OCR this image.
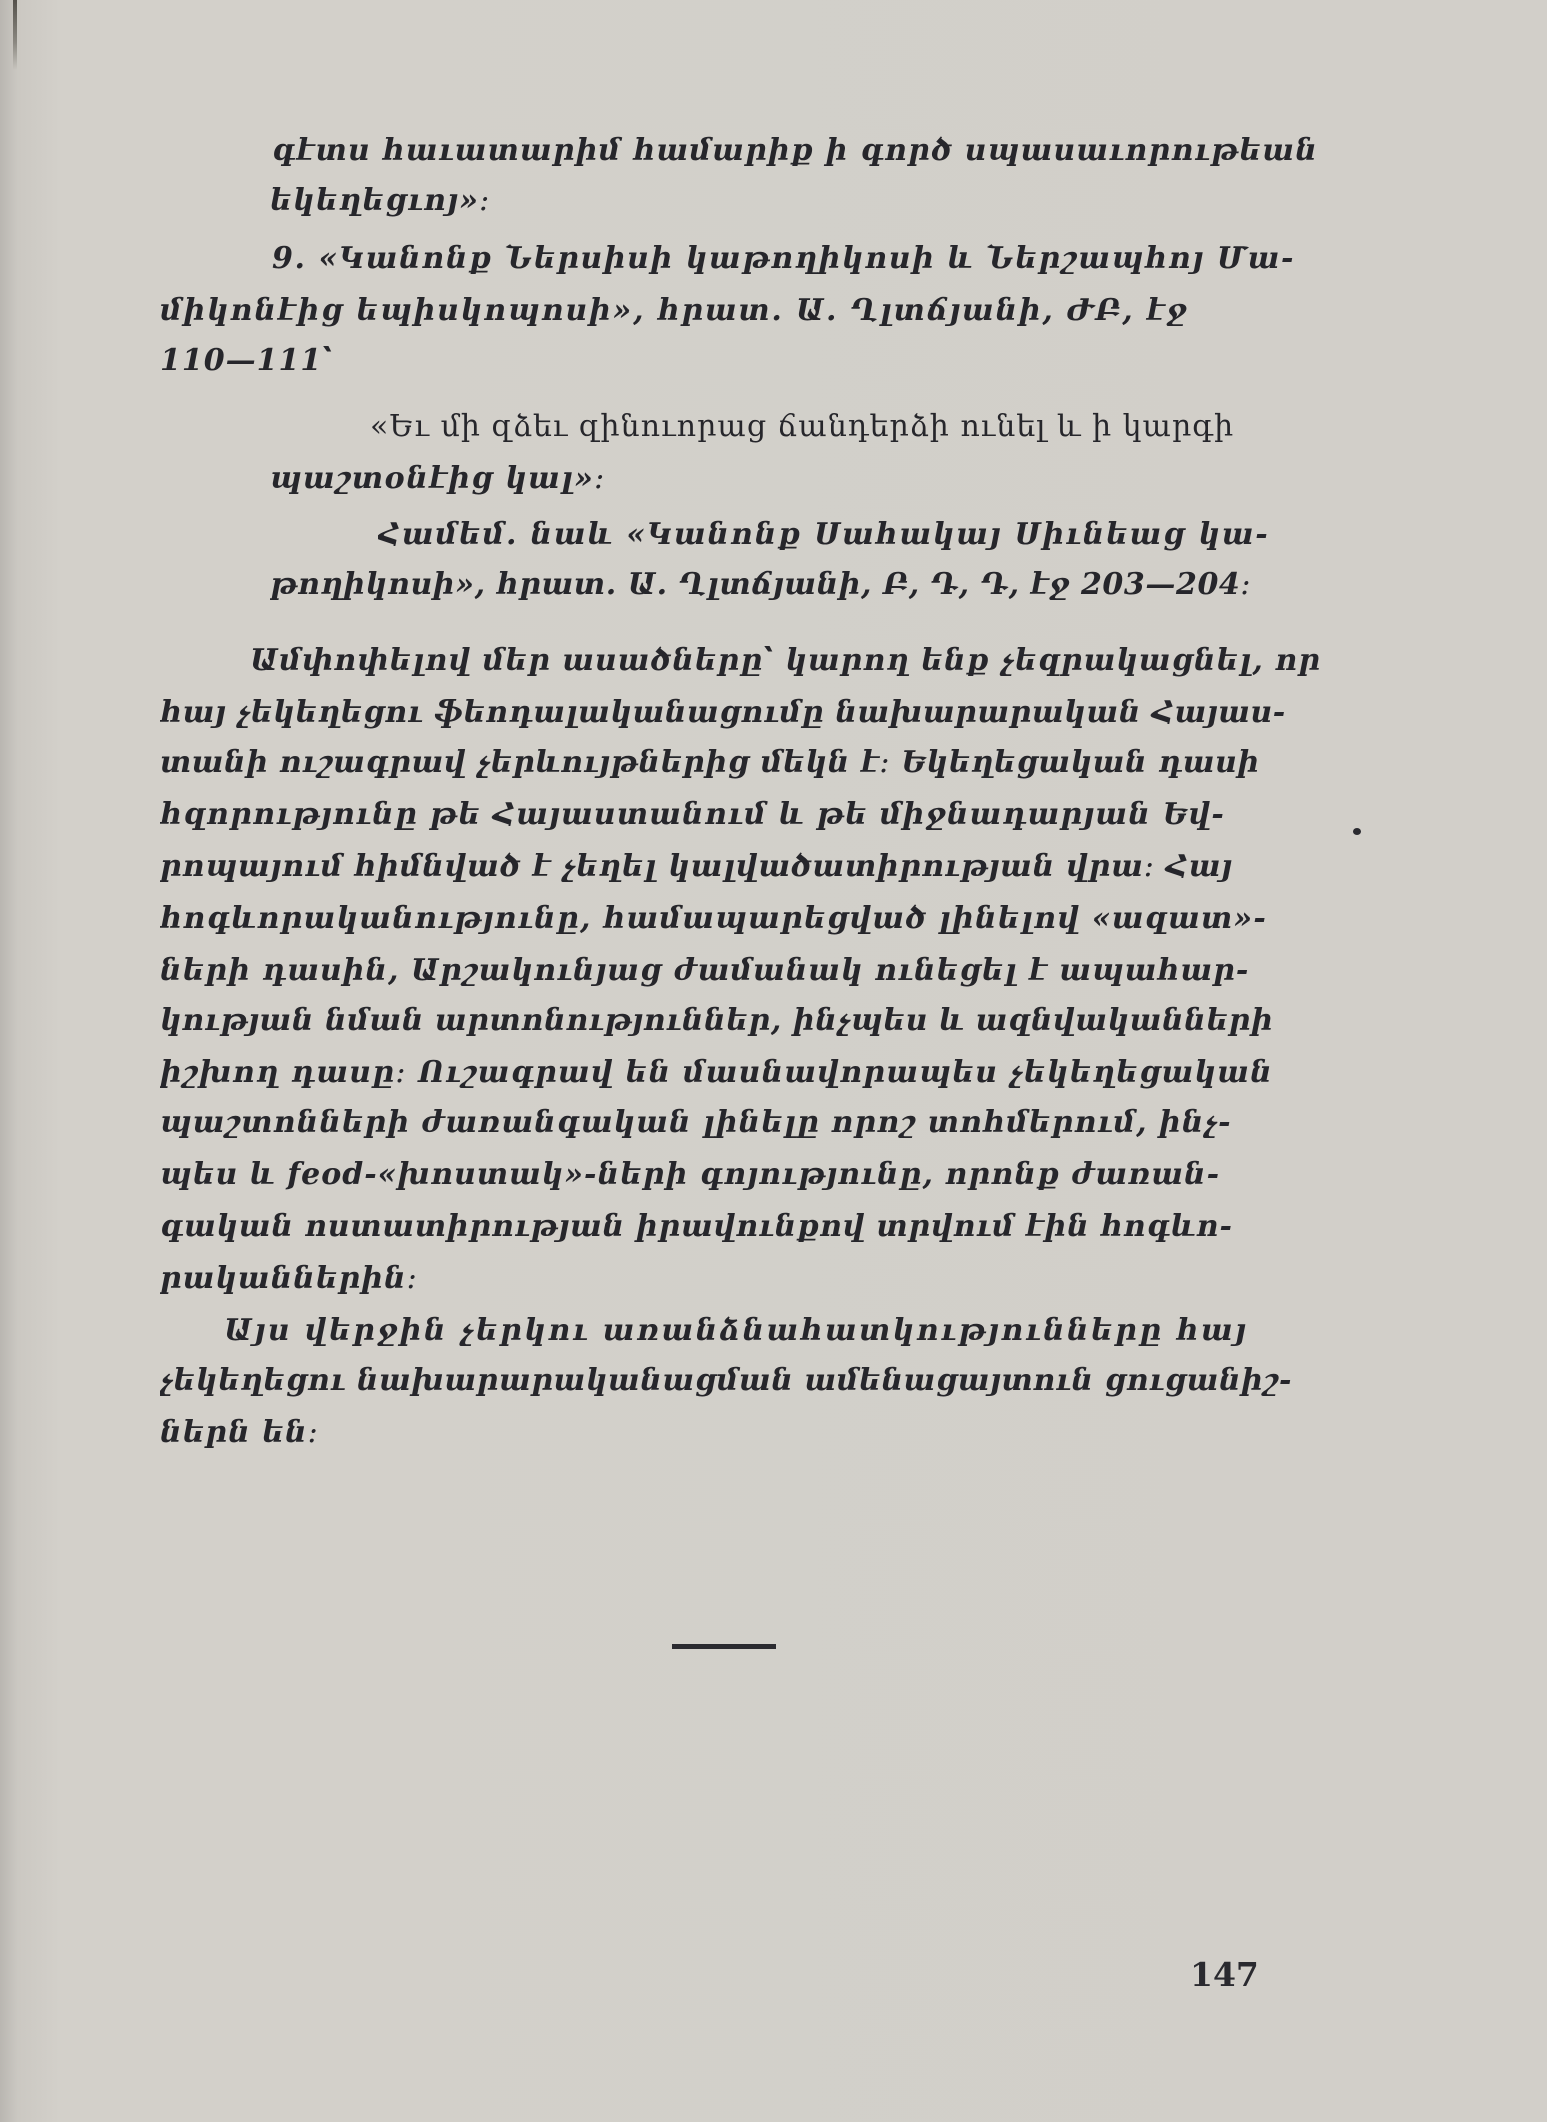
գէտս հաւատարիմ համարիք ի գործ սպասաւորութեան
եկեղեցւոյ»։
9. «Կանոնք Ներսիսի կաթողիկոսի և Ներշապհոյ Մա-
միկոնէից եպիսկոպոսի», հրատ. Ա. Ղլտճյանի, ԺԲ, էջ
110—111՝
«Եւ մի զձեւ զինուորաց ճանդերձի ունել և ի կարգի
պաշտօնէից կալ»։
Համեմ. նաև «Կանոնք Սահակայ Սիւնեաց կա-
թողիկոսի», հրատ. Ա. Ղլտճյանի, Բ, Դ, Դ, էջ 203—204։
Ամփոփելով մեր ասածները՝ կարող ենք չեզրակացնել, որ
հայ չեկեղեցու ֆեոդալականացումը նախարարական Հայաս-
տանի ուշագրավ չերևույթներից մեկն է։ Եկեղեցական դասի
հզորությունը թե Հայաստանում և թե միջնադարյան Եվ-
րոպայում հիմնված է չեղել կալվածատիրության վրա։ Հայ
հոգևորականությունը, համապարեցված լինելով «ազատ»-
ների դասին, Արշակունյաց ժամանակ ունեցել է ապահար-
կության նման արտոնություններ, ինչպես և ազնվականների
իշխող դասը։ Ուշագրավ են մասնավորապես չեկեղեցական
պաշտոնների ժառանգական լինելը որոշ տոհմերում, ինչ-
պես և feod-«խոստակ»-ների գոյությունը, որոնք ժառան-
գական ոստատիրության իրավունքով տրվում էին հոգևո-
րականներին։
Այս վերջին չերկու առանձնահատկությունները հայ
չեկեղեցու նախարարականացման ամենացայտուն ցուցանիշ-
ներն են։
147
